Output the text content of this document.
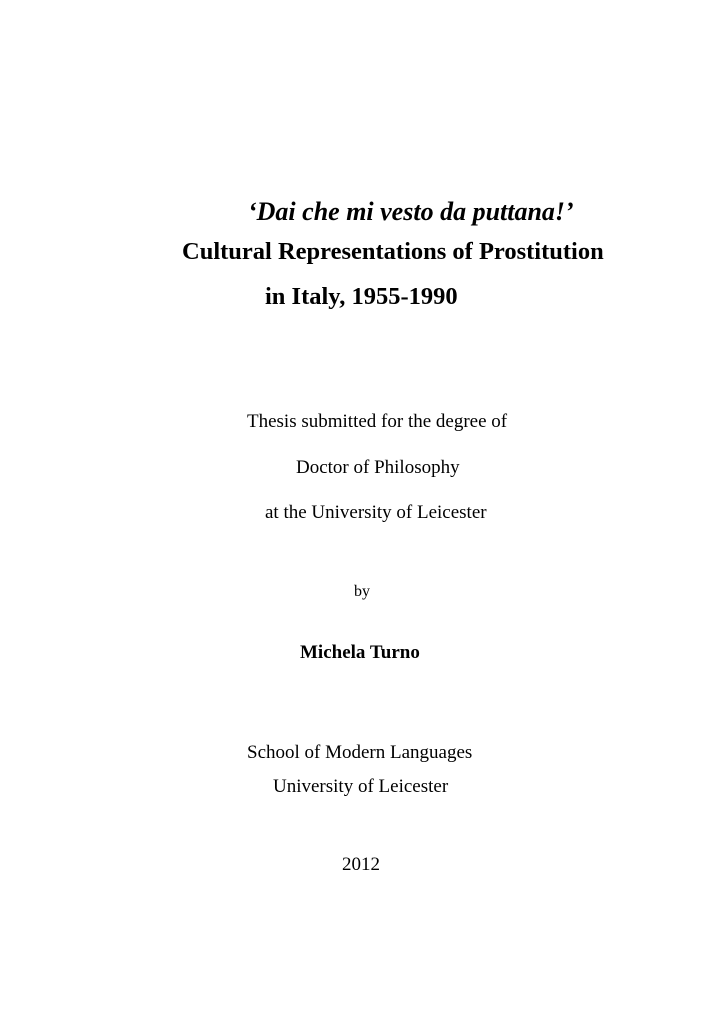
‘Dai che mi vesto da puttana!’
Cultural Representations of Prostitution
in Italy, 1955-1990
Thesis submitted for the degree of
Doctor of Philosophy
at the University of Leicester
by
Michela Turno
School of Modern Languages
University of Leicester
2012
